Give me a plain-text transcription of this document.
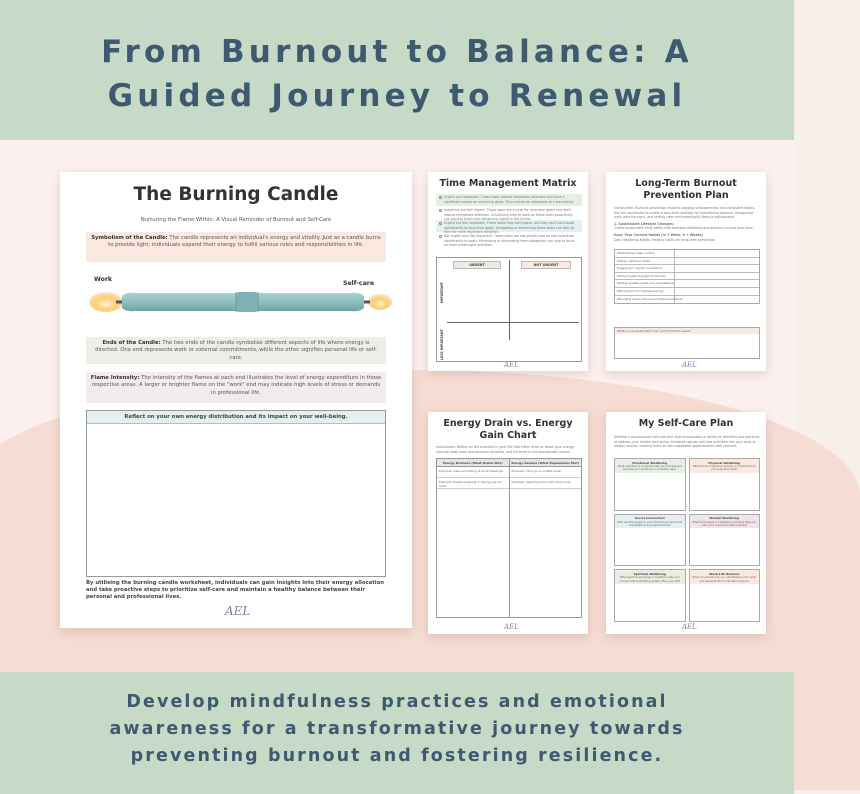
From Burnout to Balance: A
Guided Journey to Renewal
The Burning Candle
Nurturing the Flame Within: A Visual Reminder of Burnout and Self-Care
Symbolism of the Candle: The candle represents an individual's energy and vitality. Just as a candle burns to provide light, individuals expend their energy to fulfill various roles and responsibilities in life.
Work
Self-care
Ends of the Candle: The two ends of the candle symbolise different aspects of life where energy is directed. One end represents work or external commitments, while the other signifies personal life or self-care.
Flame Intensity: The intensity of the flames at each end illustrates the level of energy expenditure in those respective areas. A larger or brighter flame on the "work" end may indicate high levels of stress or demands in professional life.
Reflect on your own energy distribution and its impact on your well-being.
By utilising the burning candle worksheet, individuals can gain insights into their energy allocation and take proactive steps to prioritize self-care and maintain a healthy balance between their personal and professional lives.
AEL
Time Management Matrix
Urgent and Important: These tasks require immediate attention and have a significant impact on achieving goals. They should be addressed as a top priority.
Important but Not Urgent: These tasks are crucial for long-term goals and don't require immediate attention. Scheduling time to work on these tasks proactively can prevent them from becoming urgent in the future.
Urgent but Not Important: These tasks may feel urgent, but they don't contribute significantly to long-term goals. Delegating or minimizing these tasks can free up time for more important activities.
Not Urgent and Not Important: These tasks are low-priority and do not contribute significantly to goals. Minimizing or eliminating them altogether can help to focus on more meaningful activities.
URGENT	NOT URGENT
IMPORTANT
LESS IMPORTANT
AEL
Long-Term Burnout
Prevention Plan
Introduction: Burnout prevention requires ongoing self-awareness and consistent habits. Use this worksheet to create a long-term strategy for maintaining balance, recognizing early warning signs, and setting clear and meaningful lifestyle adjustments.
1. Sustainable Lifestyle Changes:
Create sustainable daily habits that maintain wellbeing and prevent burnout over time.
Goal: Your Current Habits (In 1 Week, 6 + Weeks)
Daily Wellbeing Habits: Healthy habits for long-term prevention
Establishing sleep routine
Eating nutritious meals
Engaging in regular movement
Taking breaks throughout the day
Setting realistic goals and expectations
Making time for hobbies and joy
Managing screen time and digital boundaries
What is one small habit I can commit to this week?
AEL
Energy Drain vs. Energy
Gain Chart
Instructions: Reflect on the activities in your life that either drain or boost your energy. Consider both work and personal activities, and list them in the appropriate column.
Energy Drainers (What Drains Me?)
Example: Overcommitting at work/meetings
Example: People-pleasing or saying yes too much
Energy Gainers (What Replenishes Me?)
Example: Time go on a little break
Example: Spending time with loved ones
AEL
My Self-Care Plan
Develop a personalized self-care plan that incorporates a variety of activities and practices to address your holistic well-being. Schedule regular self-care activities into your daily or weekly routine, treating them as non-negotiable appointments with yourself.
Emotional Wellbeing
What activities or practices help you process and express your emotions in a healthy way?
Physical Wellbeing
What forms of physical activity or movement do you enjoy the most?
Social Connection
Who are the people in your life that you feel most connected to and supported by?
Mental Wellbeing
What techniques or relaxation practices help you calm your mind and reduce stress?
Spiritual Wellbeing
What spiritual practices or traditions help you connect with something greater than yourself?
Work-Life Balance
What boundaries can you set between your work and personal life to maintain balance?
AEL
Develop mindfulness practices and emotional
awareness for a transformative journey towards
preventing burnout and fostering resilience.
